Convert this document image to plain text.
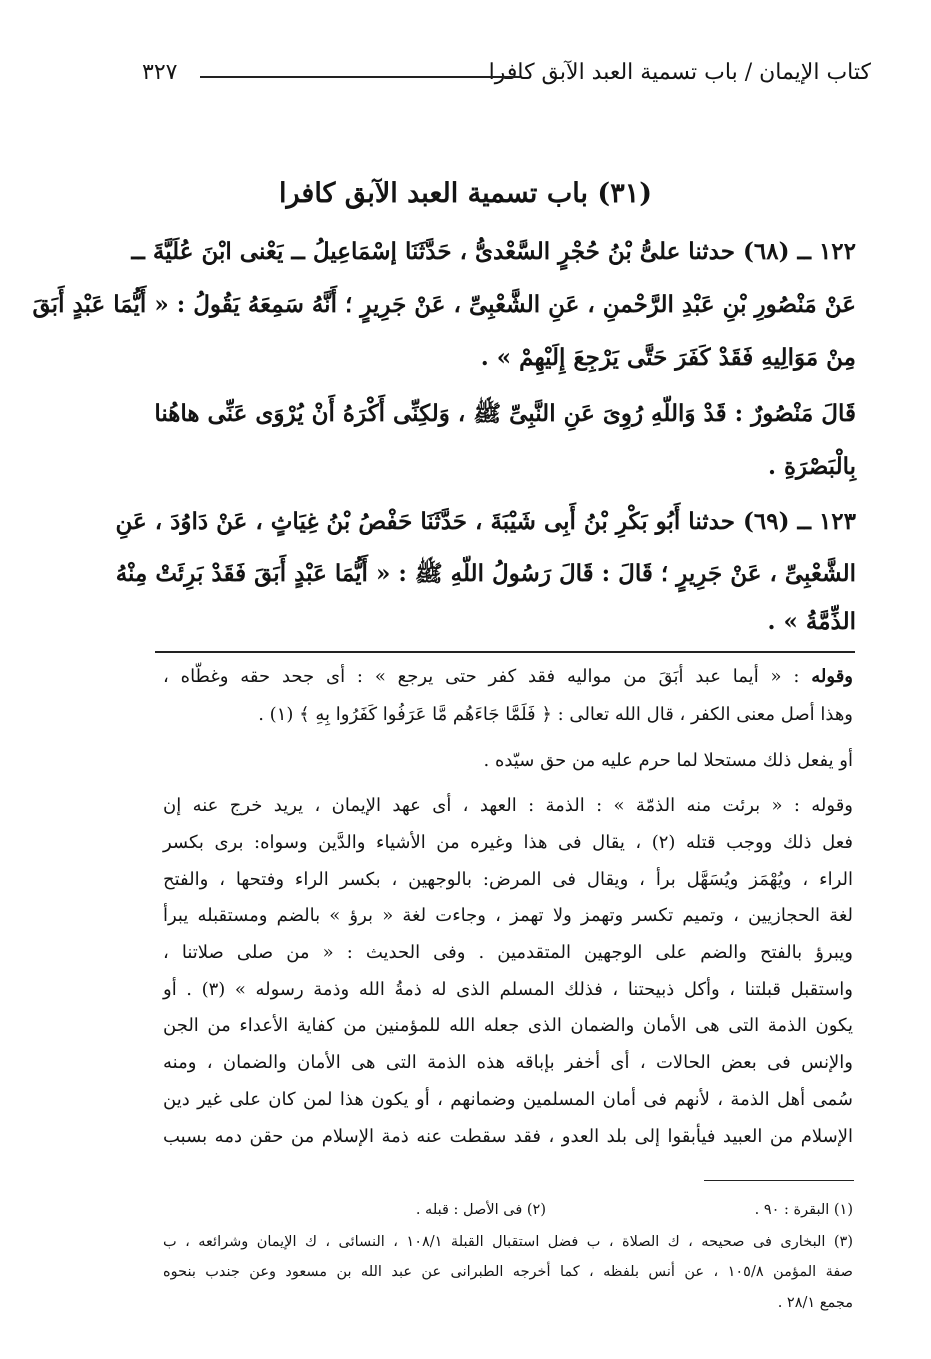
كتاب الإيمان / باب تسمية العبد الآبق كافرا
٣٢٧
(٣١) باب تسمية العبد الآبق كافرا
١٢٢ ــ (٦٨) حدثنا علىُّ بْنُ حُجْرٍ السَّعْدىُّ ، حَدَّثَنَا إسْمَاعِيلُ ــ يَعْنى ابْنَ عُلَيَّةَ ــ
عَنْ مَنْصُورِ بْنِ عَبْدِ الرَّحْمنِ ، عَنِ الشَّعْبِىِّ ، عَنْ جَرِيرٍ ؛ أَنَّهُ سَمِعَهُ يَقُولُ : « أَيُّمَا عَبْدٍ أَبَقَ
مِنْ مَوَالِيهِ فَقَدْ كَفَرَ حَتَّى يَرْجِعَ إِلَيْهِمْ » .
قَالَ مَنْصُورٌ : قَدْ وَاللّهِ رُوِىَ عَنِ النَّبِىِّ ﷺ ، وَلكِنِّى أَكْرَهُ أَنْ يُرْوَى عَنِّى هاهُنا
بِالْبَصْرَةِ .
١٢٣ ــ (٦٩) حدثنا أَبُو بَكْرِ بْنُ أَبِى شَيْبَةَ ، حَدَّثَنَا حَفْصُ بْنُ غِيَاثٍ ، عَنْ دَاوُدَ ، عَنِ
الشَّعْبِىِّ ، عَنْ جَرِيرٍ ؛ قَالَ : قَالَ رَسُولُ اللّهِ ﷺ : « أَيُّمَا عَبْدٍ أَبَقَ فَقَدْ بَرِئَتْ مِنْهُ
الذِّمَّةُ » .
وقوله : « أيما عبد أبَقَ من مواليه فقد كفر حتى يرجع » : أى جحد حقه وغطّاه ،
وهذا أصل معنى الكفر ، قال الله تعالى : ﴿ فَلَمَّا جَاءَهُم مَّا عَرَفُوا كَفَرُوا بِهِ ﴾ (١) .
أو يفعل ذلك مستحلا لما حرم عليه من حق سيّده .
وقوله : « برئت منه الذمّة » : الذمة : العهد ، أى عهد الإيمان ، يريد خرج عنه إن
فعل ذلك ووجب قتله (٢) ، يقال فى هذا وغيره من الأشياء والدَّين وسواه: برى بكسر
الراء ، ويُهْمَز ويُسَهَّل برأ ، ويقال فى المرض: بالوجهين ، بكسر الراء وفتحها ، والفتح
لغة الحجازيين ، وتميم تكسر وتهمز ولا تهمز ، وجاءت لغة « برؤ » بالضم ومستقبله يبرأ
ويبرؤ بالفتح والضم على الوجهين المتقدمين . وفى الحديث : « من صلى صلاتنا ،
واستقبل قبلتنا ، وأكل ذبيحتنا ، فذلك المسلم الذى له ذمةُ الله وذمة رسوله » (٣) . أو
يكون الذمة التى هى الأمان والضمان الذى جعله الله للمؤمنين من كفاية الأعداء من الجن
والإنس فى بعض الحالات ، أى أخفر بإباقه هذه الذمة التى هى الأمان والضمان ، ومنه
سُمى أهل الذمة ، لأنهم فى أمان المسلمين وضمانهم ، أو يكون هذا لمن كان على غير دين
الإسلام من العبيد فيأبقوا إلى بلد العدو ، فقد سقطت عنه ذمة الإسلام من حقن دمه بسبب
(١) البقرة : ٩٠ .
(٢) فى الأصل : قبله .
(٣) البخارى فى صحيحه ، ك الصلاة ، ب فضل استقبال القبلة ١٠٨/١ ، النسائى ، ك الإيمان وشرائعه ، ب
صفة المؤمن ١٠٥/٨ ، عن أنس بلفظه ، كما أخرجه الطبرانى عن عبد الله بن مسعود وعن جندب بنحوه
مجمع ٢٨/١ .
